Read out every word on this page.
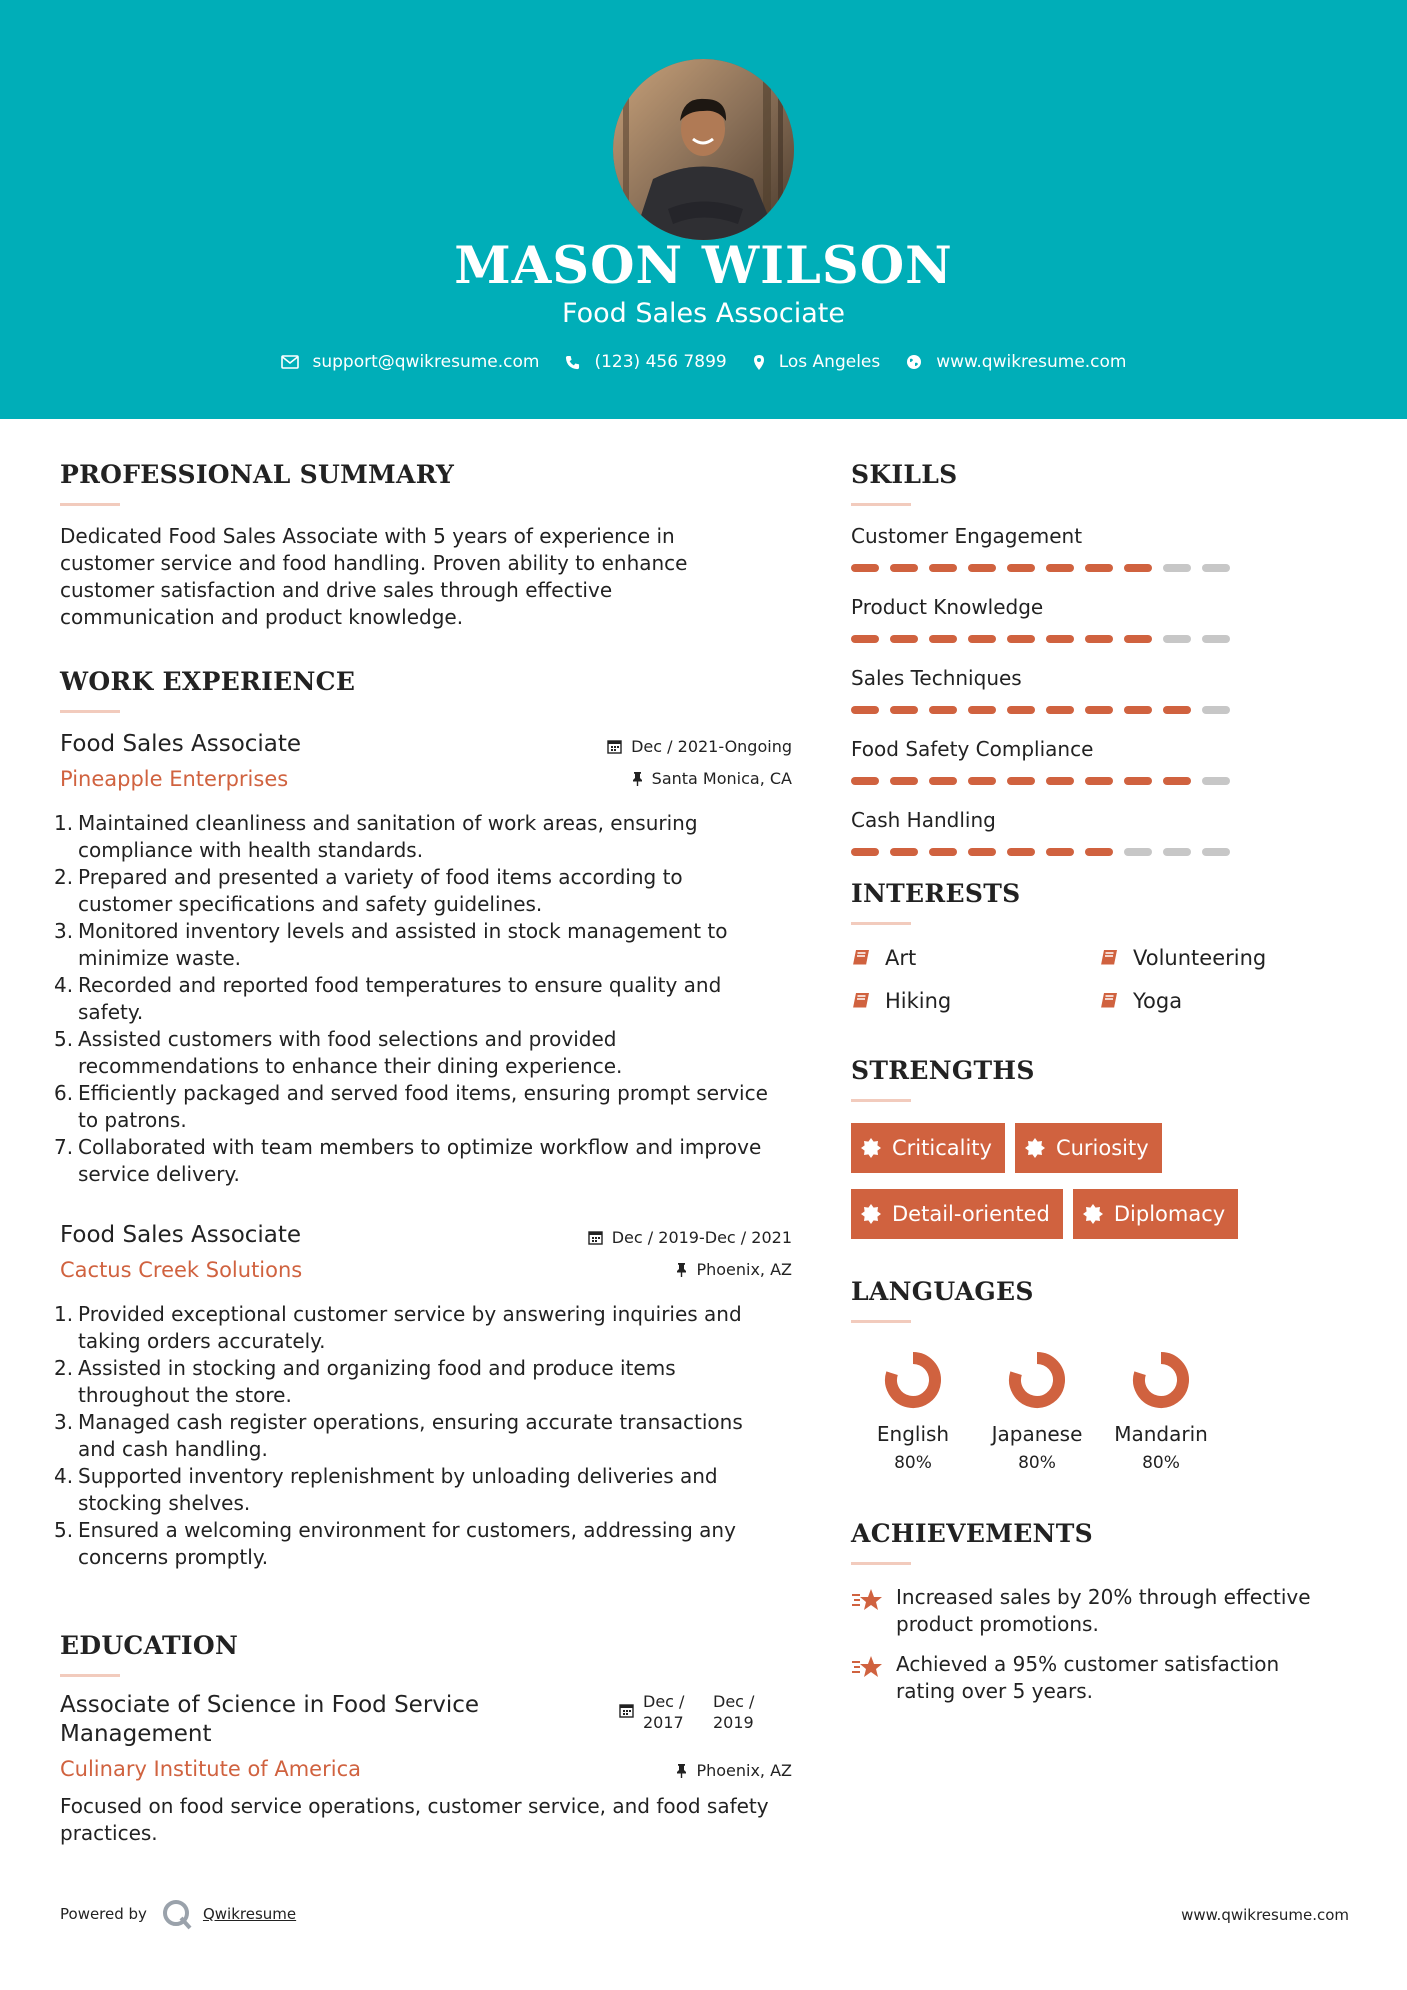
MASON WILSON
Food Sales Associate
support@qwikresume.com	(123) 456 7899	Los Angeles	www.qwikresume.com
PROFESSIONAL SUMMARY
Dedicated Food Sales Associate with 5 years of experience in customer service and food handling. Proven ability to enhance customer satisfaction and drive sales through effective communication and product knowledge.
WORK EXPERIENCE
Food Sales Associate
Pineapple Enterprises
Dec / 2021-Ongoing
Santa Monica, CA
1. Maintained cleanliness and sanitation of work areas, ensuring compliance with health standards.
2. Prepared and presented a variety of food items according to customer specifications and safety guidelines.
3. Monitored inventory levels and assisted in stock management to minimize waste.
4. Recorded and reported food temperatures to ensure quality and safety.
5. Assisted customers with food selections and provided recommendations to enhance their dining experience.
6. Efficiently packaged and served food items, ensuring prompt service to patrons.
7. Collaborated with team members to optimize workflow and improve service delivery.
Food Sales Associate
Cactus Creek Solutions
Dec / 2019-Dec / 2021
Phoenix, AZ
1. Provided exceptional customer service by answering inquiries and taking orders accurately.
2. Assisted in stocking and organizing food and produce items throughout the store.
3. Managed cash register operations, ensuring accurate transactions and cash handling.
4. Supported inventory replenishment by unloading deliveries and stocking shelves.
5. Ensured a welcoming environment for customers, addressing any concerns promptly.
EDUCATION
Associate of Science in Food Service
Management
Culinary Institute of America
Dec /
2017
Dec /
2019
Phoenix, AZ
Focused on food service operations, customer service, and food safety practices.
SKILLS
Customer Engagement
Product Knowledge
Sales Techniques
Food Safety Compliance
Cash Handling
INTERESTS
Art	Volunteering
Hiking	Yoga
STRENGTHS
Criticality	Curiosity

Detail-oriented	Diplomacy
LANGUAGES
English
80%
Japanese
80%
Mandarin
80%
ACHIEVEMENTS
Increased sales by 20% through effective product promotions.
Achieved a 95% customer satisfaction rating over 5 years.
Powered by	Qwikresume	www.qwikresume.com
